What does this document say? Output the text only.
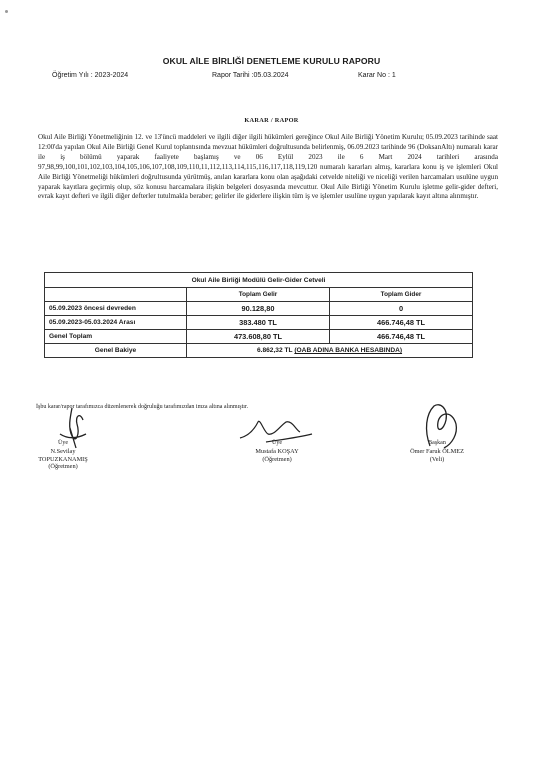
OKUL AİLE BİRLİĞİ DENETLEME KURULU RAPORU
Öğretim Yılı : 2023-2024	Rapor Tarihi :05.03.2024	Karar No : 1
KARAR / RAPOR
Okul Aile Birliği Yönetmeliğinin 12. ve 13'üncü maddeleri ve ilgili diğer ilgili hükümleri gereğince Okul Aile Birliği Yönetim Kurulu; 05.09.2023 tarihinde saat 12:00'da yapılan Okul Aile Birliği Genel Kurul toplantısında mevzuat hükümleri doğrultusunda belirlenmiş, 06.09.2023 tarihinde 96 (DoksanAltı) numaralı karar ile iş bölümü yaparak faaliyete başlamış ve 06 Eylül 2023 ile 6 Mart 2024 tarihleri arasında 97,98,99,100,101,102,103,104,105,106,107,108,109,110,11,112,113,114,115,116,117,118,119,120 numaralı kararları almış, kararlara konu iş ve işlemleri Okul Aile Birliği Yönetmeliği hükümleri doğrultusunda yürütmüş, anılan kararlara konu olan aşağıdaki cetvelde niteliği ve niceliği verilen harcamaları usulüne uygun yaparak kayıtlara geçirmiş olup, söz konusu harcamalara ilişkin belgeleri dosyasında mevcuttur. Okul Aile Birliği Yönetim Kurulu işletme gelir-gider defteri, evrak kayıt defteri ve ilgili diğer defterler tutulmakla beraber; gelirler ile giderlere ilişkin tüm iş ve işlemler usulüne uygun yapılarak kayıt altına alınmıştır.
Okul Aile Birliği Modülü Gelir-Gider Cetveli		
	Toplam Gelir	Toplam Gider
05.09.2023 öncesi devreden	90.128,80	0
05.09.2023-05.03.2024 Arası	383.480 TL	466.746,48 TL
Genel Toplam	473.608,80 TL	466.746,48 TL
Genel Bakiye	6.862,32 TL (OAB ADINA BANKA HESABINDA)	
İşbu karar/rapor tarafımızca düzenlenerek doğruluğu tarafımızdan imza altına alınmıştır.
Üye
N.Sevilay TOPUZKANAMIŞ
(Öğretmen)
Üye
Mustafa KOŞAY
(Öğretmen)
Başkan
Ömer Faruk ÖLMEZ
(Veli)
